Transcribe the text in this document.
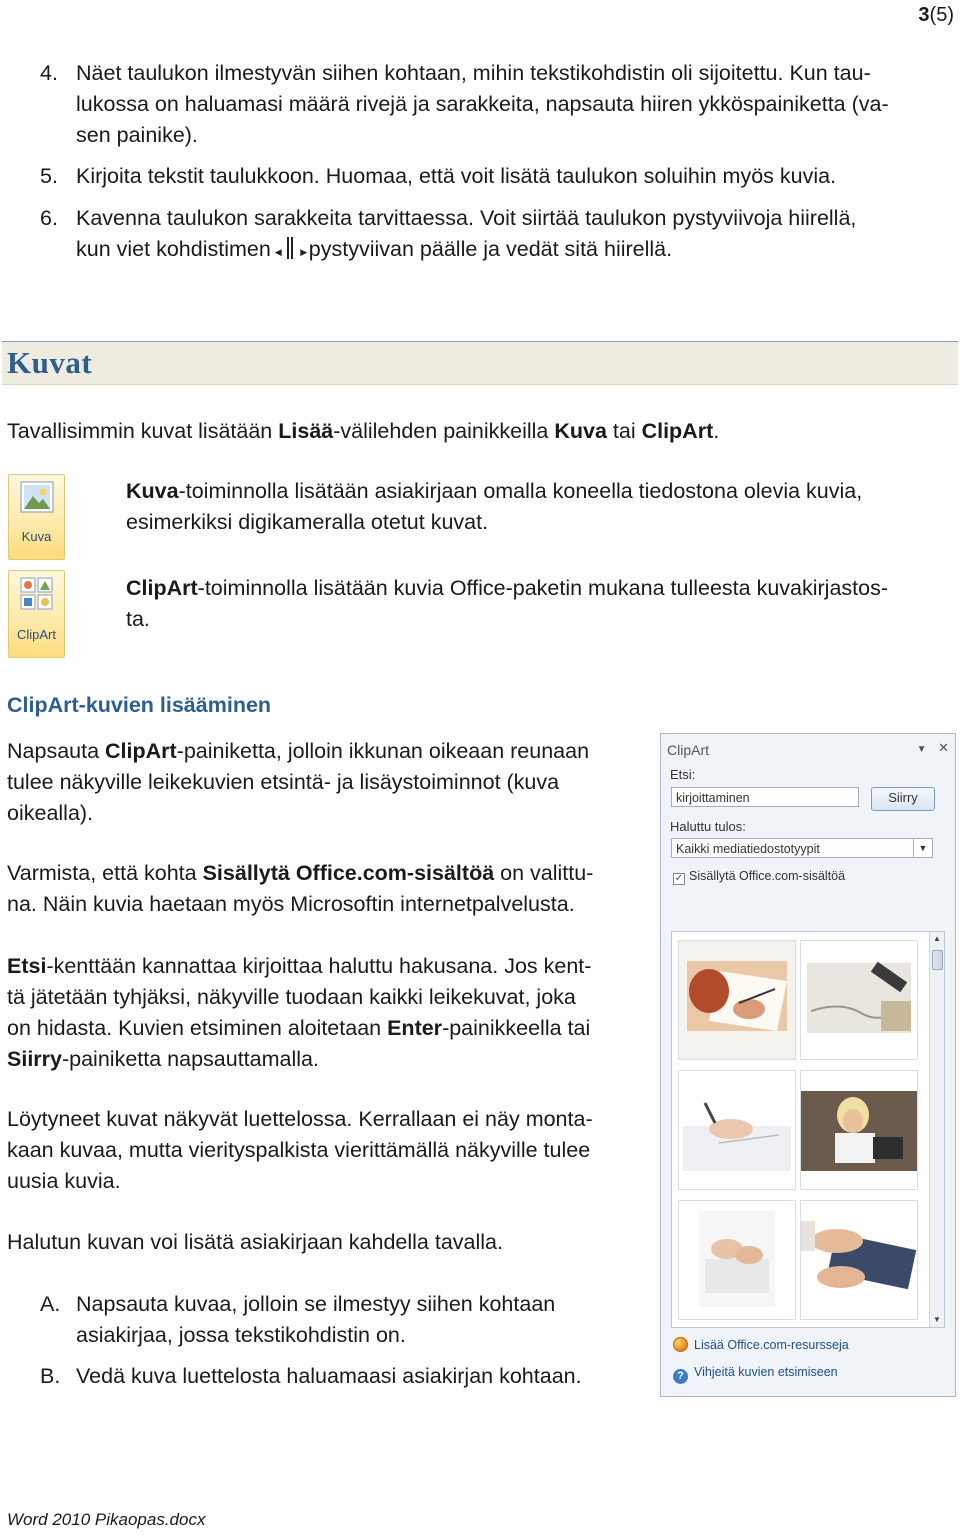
3(5)
4. Näet taulukon ilmestyvän siihen kohtaan, mihin tekstikohdistin oli sijoitettu. Kun tau-
lukossa on haluamasi määrä rivejä ja sarakkeita, napsauta hiiren ykköspainiketta (va-
sen painike).
5. Kirjoita tekstit taulukkoon. Huomaa, että voit lisätä taulukon soluihin myös kuvia.
6. Kavenna taulukon sarakkeita tarvittaessa. Voit siirtää taulukon pystyviivoja hiirellä,
kun viet kohdistimen◀ ▶ pystyviivan päälle ja vedät sitä hiirellä.
Kuvat
Tavallisimmin kuvat lisätään Lisää-välilehden painikkeilla Kuva tai ClipArt.
Kuva
ClipArt
Kuva-toiminnolla lisätään asiakirjaan omalla koneella tiedostona olevia kuvia,
esimerkiksi digikameralla otetut kuvat.
ClipArt-toiminnolla lisätään kuvia Office-paketin mukana tulleesta kuvakirjastos-
ta.
ClipArt-kuvien lisääminen
Napsauta ClipArt-painiketta, jolloin ikkunan oikeaan reunaan
tulee näkyville leikekuvien etsintä- ja lisäystoiminnot (kuva
oikealla).
Varmista, että kohta Sisällytä Office.com-sisältöä on valittu-
na. Näin kuvia haetaan myös Microsoftin internetpalvelusta.
Etsi-kenttään kannattaa kirjoittaa haluttu hakusana. Jos kent-
tä jätetään tyhjäksi, näkyville tuodaan kaikki leikekuvat, joka
on hidasta. Kuvien etsiminen aloitetaan Enter-painikkeella tai
Siirry-painiketta napsauttamalla.
Löytyneet kuvat näkyvät luettelossa. Kerrallaan ei näy monta-
kaan kuvaa, mutta vierityspalkista vierittämällä näkyville tulee
uusia kuvia.
Halutun kuvan voi lisätä asiakirjaan kahdella tavalla.
A. Napsauta kuvaa, jolloin se ilmestyy siihen kohtaan
asiakirjaa, jossa tekstikohdistin on.
B. Vedä kuva luettelosta haluamaasi asiakirjan kohtaan.
ClipArt	▼ ✕
Etsi:
kirjoittaminen	Siirry
Haluttu tulos:
Kaikki mediatiedostotyypit	▼
✓ Sisällytä Office.com-sisältöä
▲
▼
Lisää Office.com-resursseja
? Vihjeitä kuvien etsimiseen
Word 2010 Pikaopas.docx
